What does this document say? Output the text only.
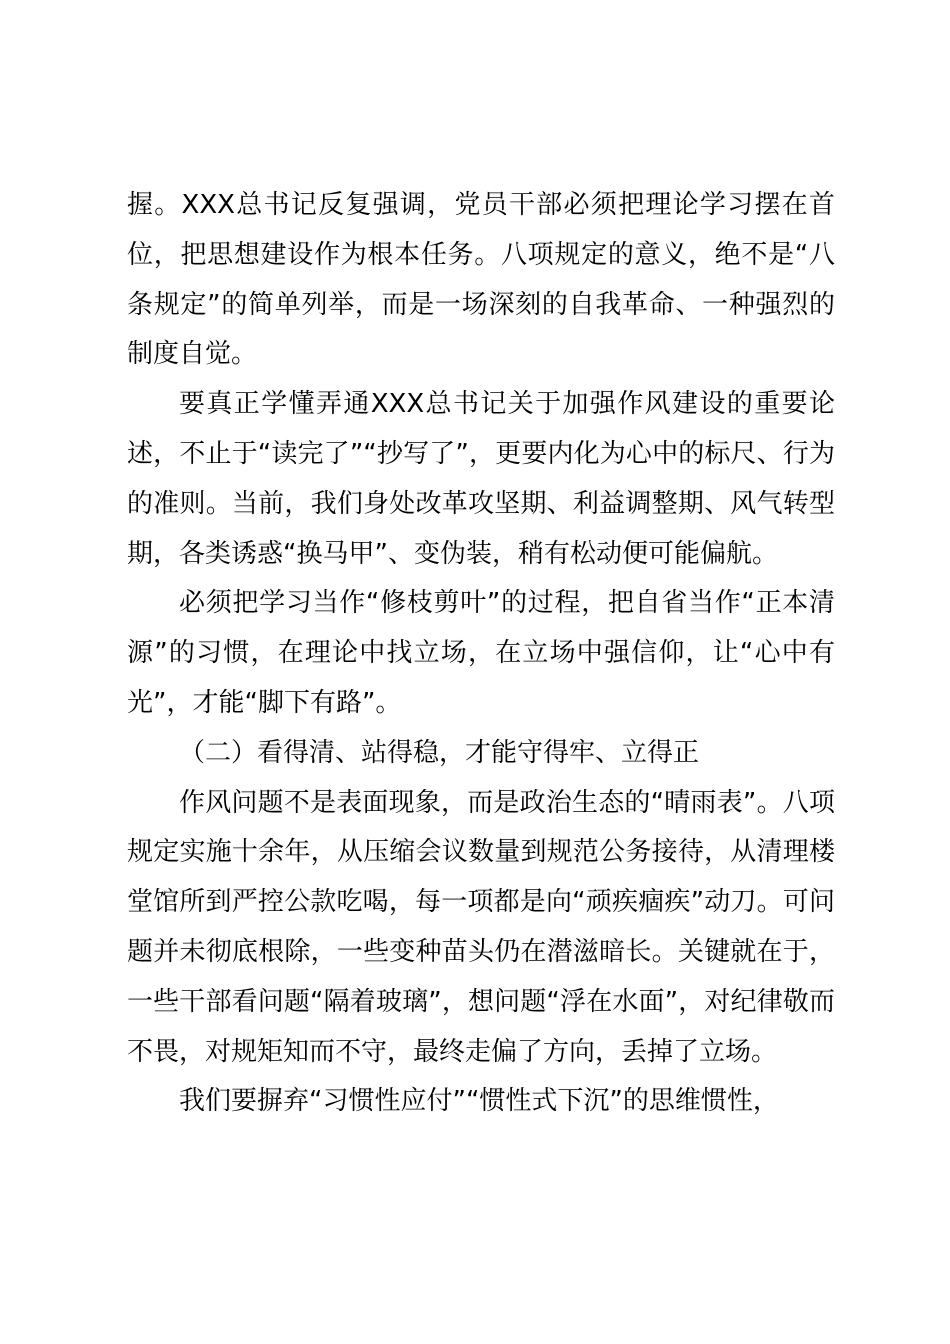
握。XXX总书记反复强调，党员干部必须把理论学习摆在首位，把思想建设作为根本任务。八项规定的意义，绝不是“八条规定”的简单列举，而是一场深刻的自我革命、一种强烈的制度自觉。

要真正学懂弄通XXX总书记关于加强作风建设的重要论述，不止于“读完了”“抄写了”，更要内化为心中的标尺、行为的准则。当前，我们身处改革攻坚期、利益调整期、风气转型期，各类诱惑“换马甲”、变伪装，稍有松动便可能偏航。

必须把学习当作“修枝剪叶”的过程，把自省当作“正本清源”的习惯，在理论中找立场，在立场中强信仰，让“心中有光”，才能“脚下有路”。

（二）看得清、站得稳，才能守得牢、立得正

作风问题不是表面现象，而是政治生态的“晴雨表”。八项规定实施十余年，从压缩会议数量到规范公务接待，从清理楼堂馆所到严控公款吃喝，每一项都是向“顽疾痼疾”动刀。可问题并未彻底根除，一些变种苗头仍在潜滋暗长。关键就在于，一些干部看问题“隔着玻璃”，想问题“浮在水面”，对纪律敬而不畏，对规矩知而不守，最终走偏了方向，丢掉了立场。

我们要摒弃“习惯性应付”“惯性式下沉”的思维惯性，
